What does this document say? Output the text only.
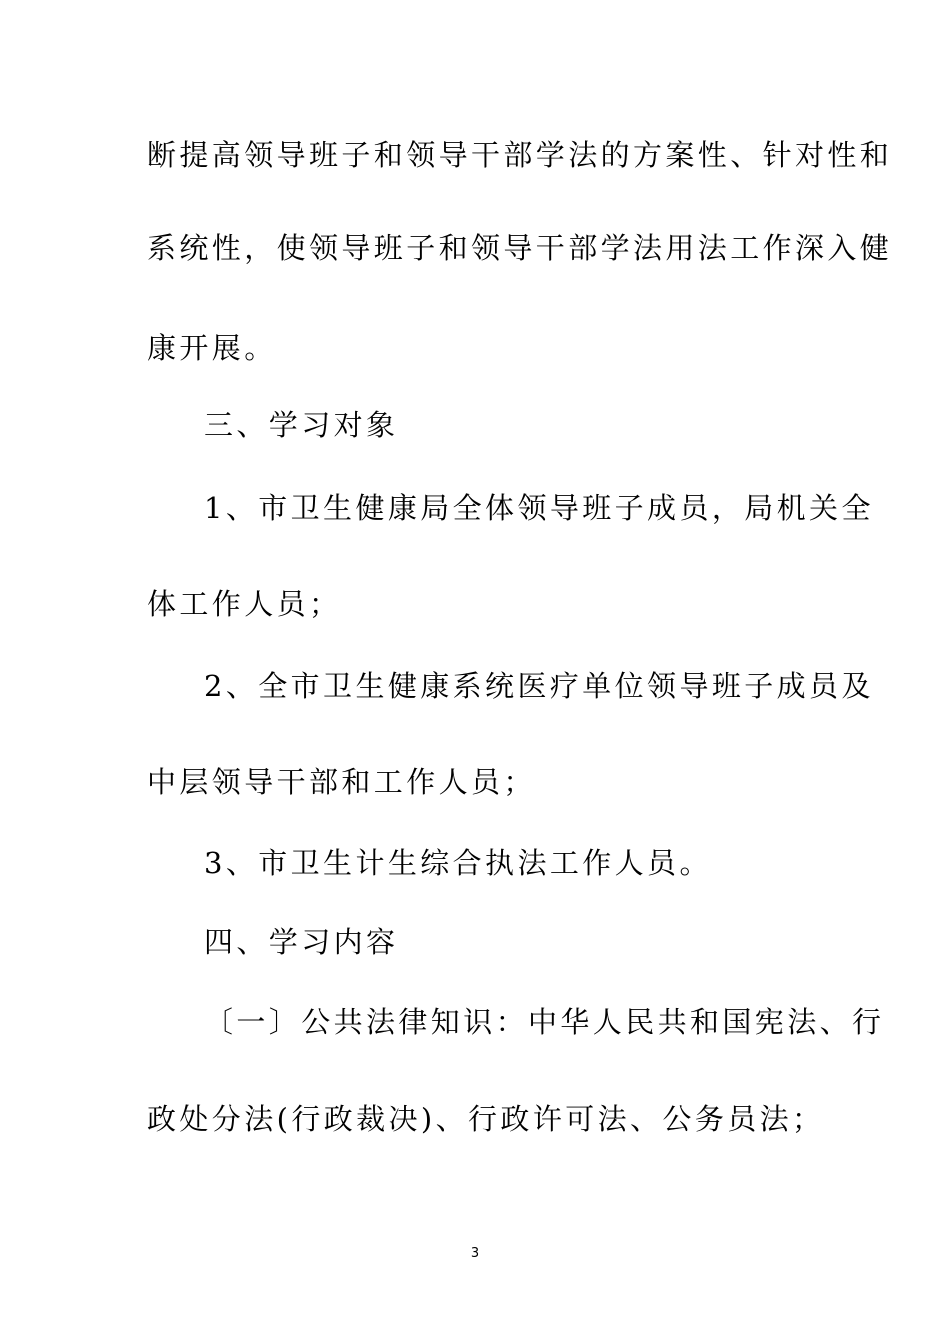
断提高领导班子和领导干部学法的方案性、针对性和
系统性，使领导班子和领导干部学法用法工作深入健
康开展。
三、学习对象
1、市卫生健康局全体领导班子成员，局机关全
体工作人员；
2、全市卫生健康系统医疗单位领导班子成员及
中层领导干部和工作人员；
3、市卫生计生综合执法工作人员。
四、学习内容
〔一〕公共法律知识：中华人民共和国宪法、行
政处分法(行政裁决)、行政许可法、公务员法；
3
